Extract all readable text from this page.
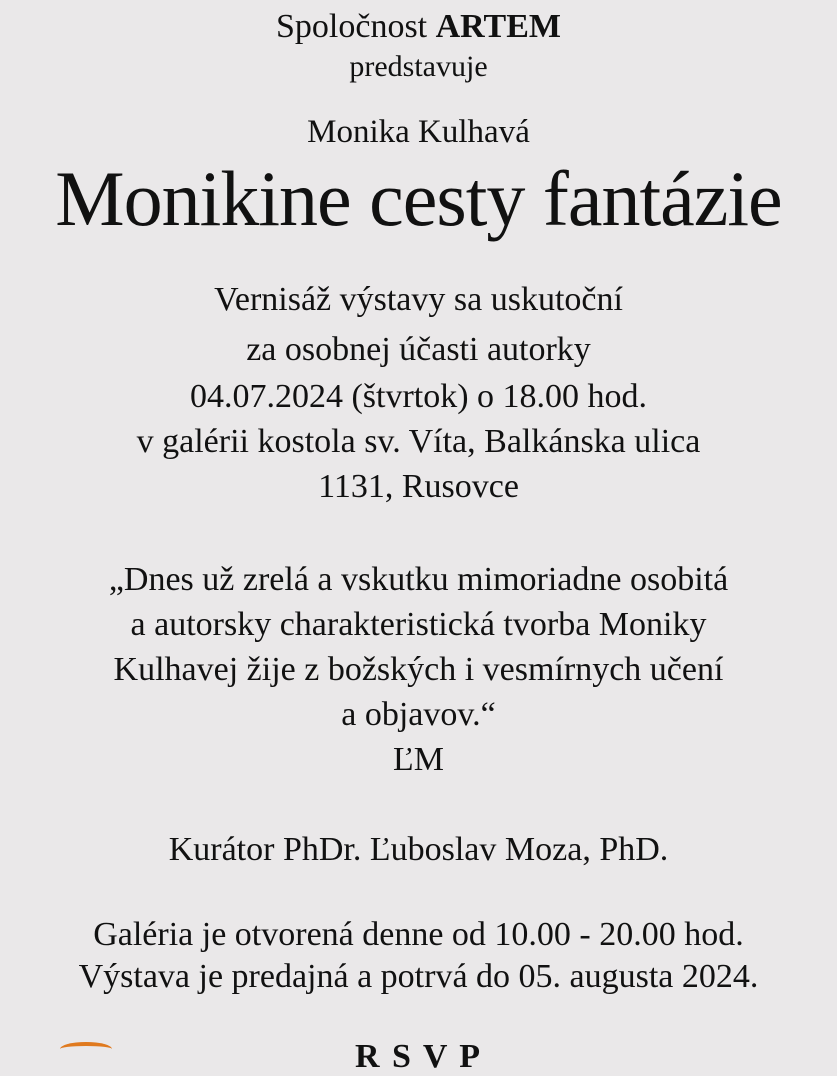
Spoločnost ARTEM
predstavuje
Monika Kulhavá
Monikine cesty fantázie
Vernisáž výstavy sa uskutoční
za osobnej účasti autorky
04.07.2024 (štvrtok) o 18.00 hod.
v galérii kostola sv. Víta, Balkánska ulica
1131, Rusovce
„Dnes už zrelá a vskutku mimoriadne osobitá
a autorsky charakteristická tvorba Moniky
Kulhavej žije z božských i vesmírnych učení
a objavov.“
ĽM
Kurátor PhDr. Ľuboslav Moza, PhD.
Galéria je otvorená denne od 10.00 - 20.00 hod.
Výstava je predajná a potrvá do 05. augusta 2024.
R S V P
